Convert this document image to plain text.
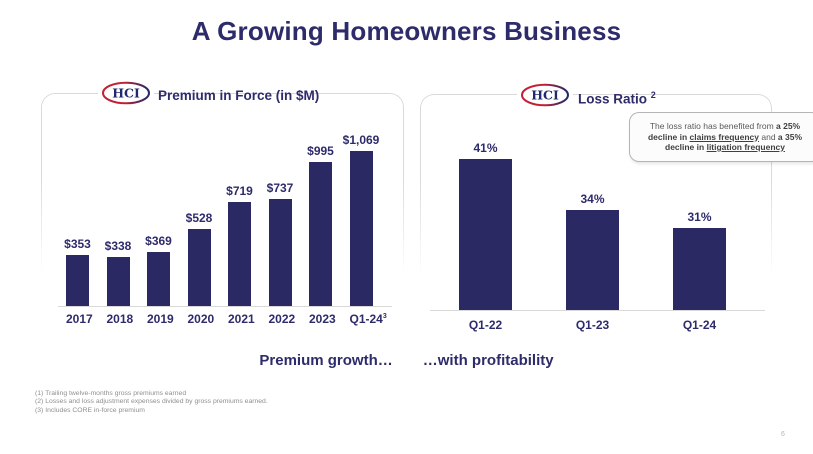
A Growing Homeowners Business
HCI	HCI
Premium in Force (in $M)	Loss Ratio $^2$
$353 $338 $369
$528
$719 $737
$995
$1,069
2017 2018 2019 2020 2021 2022 2023 $Q1-24^3$
41%
34%
31%
Q1-22	Q1-23	Q1-24
The loss ratio has benefited from a 25% decline in claims frequency and a 35% decline in litigation frequency
Premium growth… …with profitability
(1) Trailing twelve-months gross premiums earned
(2) Losses and loss adjustment expenses divided by gross premiums earned.
(3) Includes CORE in-force premium
6
